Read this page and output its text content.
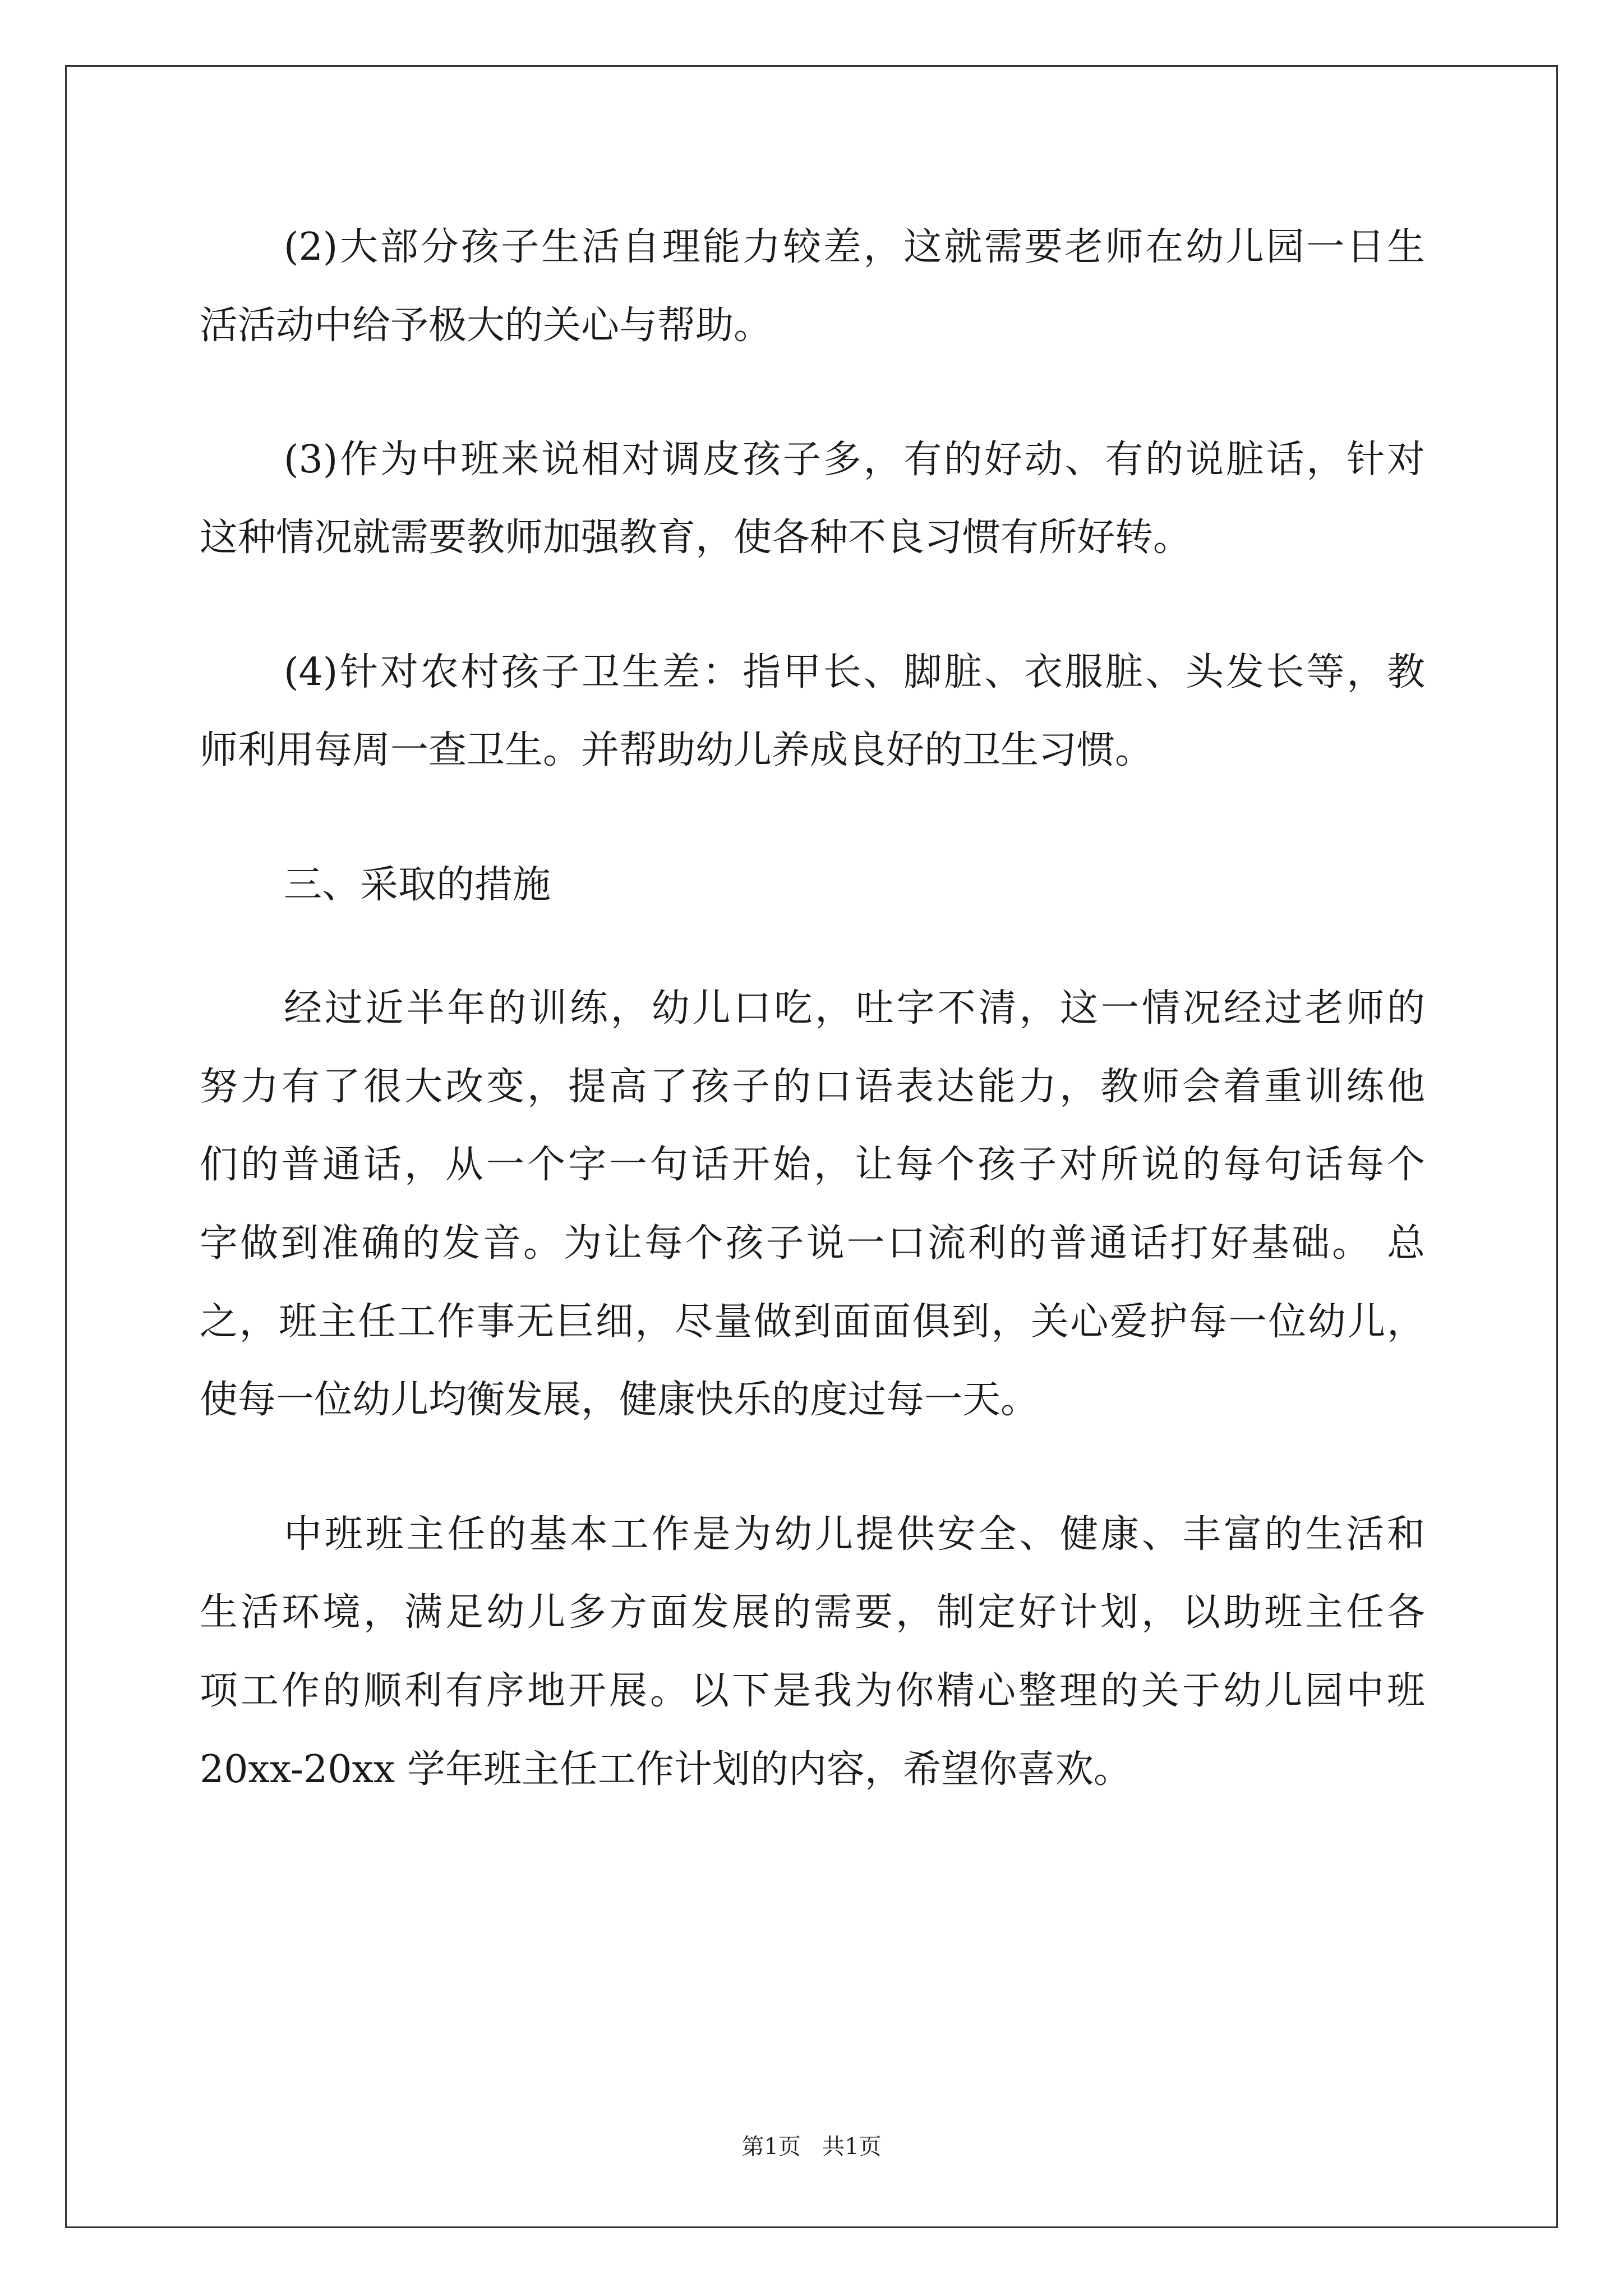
(2)大部分孩子生活自理能力较差，这就需要老师在幼儿园一日生
活活动中给予极大的关心与帮助。
(3)作为中班来说相对调皮孩子多，有的好动、有的说脏话，针对
这种情况就需要教师加强教育，使各种不良习惯有所好转。
(4)针对农村孩子卫生差：指甲长、脚脏、衣服脏、头发长等，教
师利用每周一查卫生。并帮助幼儿养成良好的卫生习惯。
三、采取的措施
经过近半年的训练，幼儿口吃，吐字不清，这一情况经过老师的
努力有了很大改变，提高了孩子的口语表达能力，教师会着重训练他
们的普通话，从一个字一句话开始，让每个孩子对所说的每句话每个
字做到准确的发音。为让每个孩子说一口流利的普通话打好基础。 总
之，班主任工作事无巨细，尽量做到面面俱到，关心爱护每一位幼儿，
使每一位幼儿均衡发展，健康快乐的度过每一天。
中班班主任的基本工作是为幼儿提供安全、健康、丰富的生活和
生活环境，满足幼儿多方面发展的需要，制定好计划，以助班主任各
项工作的顺利有序地开展。以下是我为你精心整理的关于幼儿园中班
20xx-20xx 学年班主任工作计划的内容，希望你喜欢。
第1页   共1页
